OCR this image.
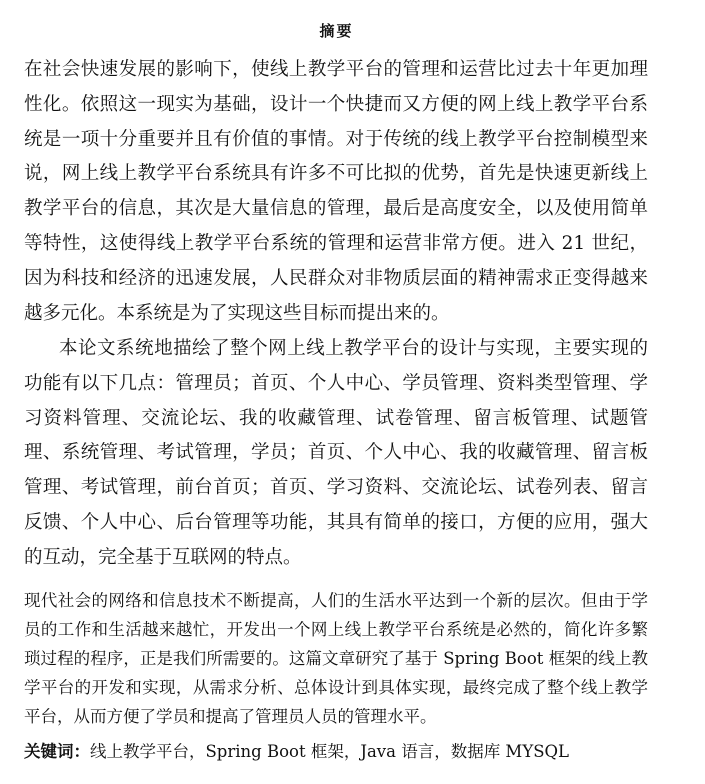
摘要

在社会快速发展的影响下，使线上教学平台的管理和运营比过去十年更加理性化。依照这一现实为基础，设计一个快捷而又方便的网上线上教学平台系统是一项十分重要并且有价值的事情。对于传统的线上教学平台控制模型来说，网上线上教学平台系统具有许多不可比拟的优势，首先是快速更新线上教学平台的信息，其次是大量信息的管理，最后是高度安全，以及使用简单等特性，这使得线上教学平台系统的管理和运营非常方便。进入 21 世纪，因为科技和经济的迅速发展，人民群众对非物质层面的精神需求正变得越来越多元化。本系统是为了实现这些目标而提出来的。

本论文系统地描绘了整个网上线上教学平台的设计与实现，主要实现的功能有以下几点：管理员；首页、个人中心、学员管理、资料类型管理、学习资料管理、交流论坛、我的收藏管理、试卷管理、留言板管理、试题管理、系统管理、考试管理，学员；首页、个人中心、我的收藏管理、留言板管理、考试管理，前台首页；首页、学习资料、交流论坛、试卷列表、留言反馈、个人中心、后台管理等功能，其具有简单的接口，方便的应用，强大的互动，完全基于互联网的特点。

现代社会的网络和信息技术不断提高，人们的生活水平达到一个新的层次。但由于学员的工作和生活越来越忙，开发出一个网上线上教学平台系统是必然的，简化许多繁琐过程的程序，正是我们所需要的。这篇文章研究了基于 Spring Boot 框架的线上教学平台的开发和实现，从需求分析、总体设计到具体实现，最终完成了整个线上教学平台，从而方便了学员和提高了管理员人员的管理水平。

关键词：线上教学平台，Spring Boot 框架，Java 语言，数据库 MYSQL
